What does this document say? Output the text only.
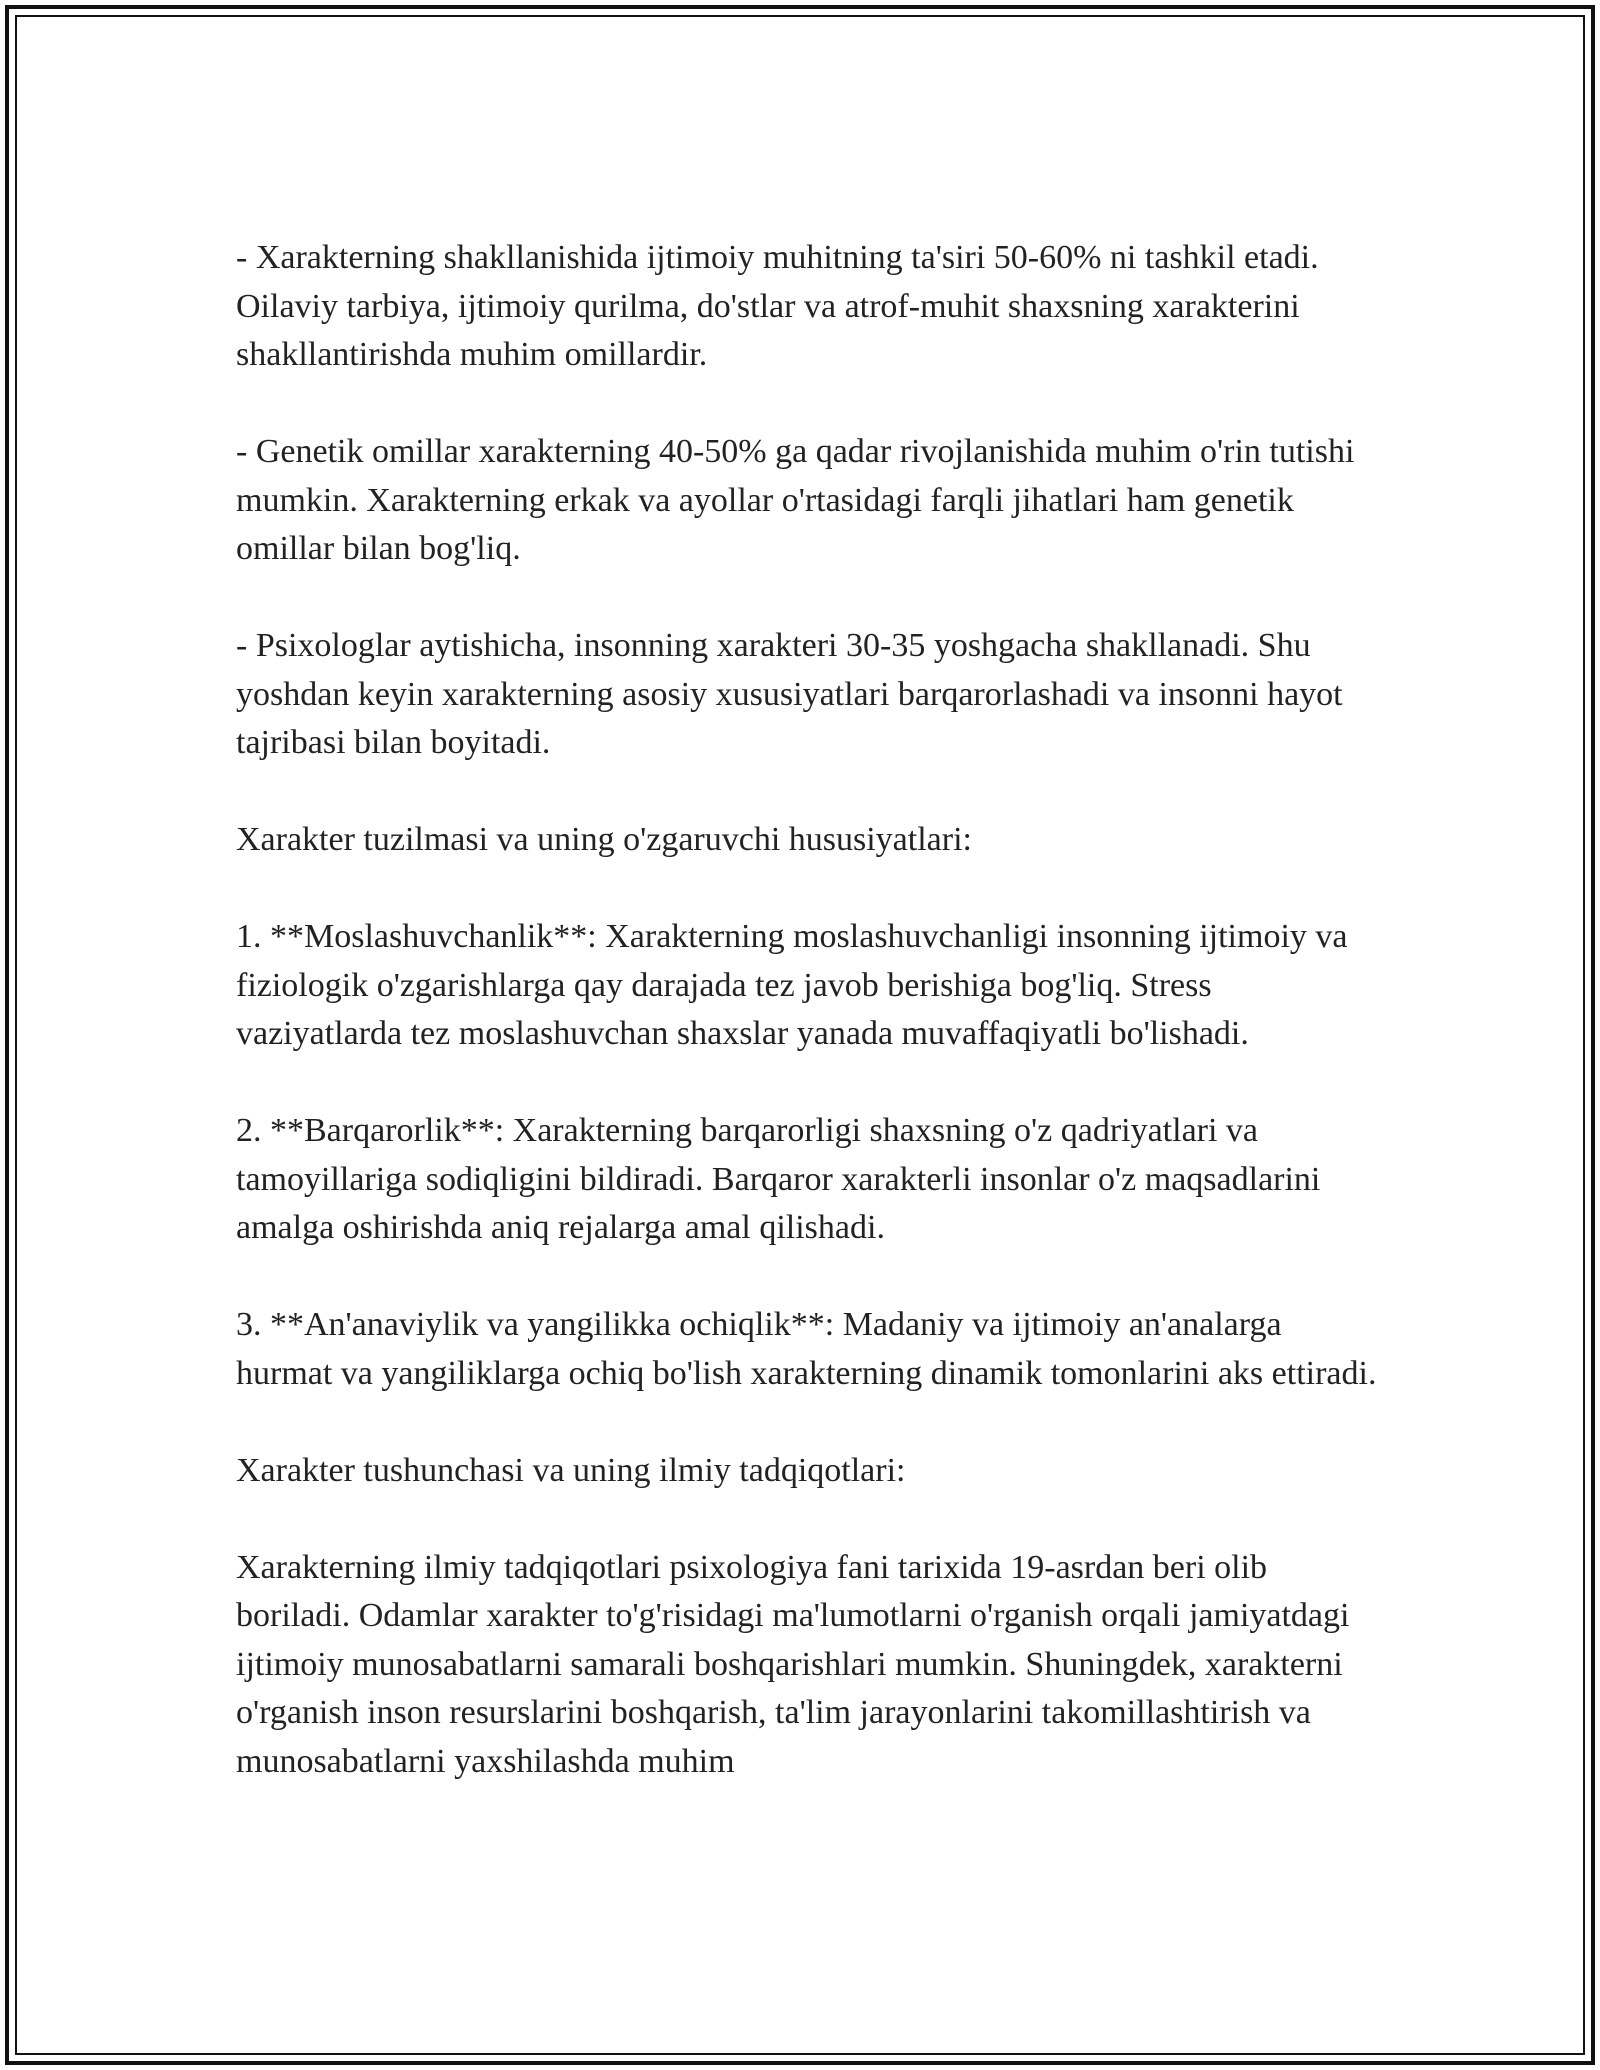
- Xarakterning shakllanishida ijtimoiy muhitning ta'siri 50-60% ni tashkil etadi. Oilaviy tarbiya, ijtimoiy qurilma, do'stlar va atrof-muhit shaxsning xarakterini shakllantirishda muhim omillardir.

- Genetik omillar xarakterning 40-50% ga qadar rivojlanishida muhim o'rin tutishi mumkin. Xarakterning erkak va ayollar o'rtasidagi farqli jihatlari ham genetik omillar bilan bog'liq.

- Psixologlar aytishicha, insonning xarakteri 30-35 yoshgacha shakllanadi. Shu yoshdan keyin xarakterning asosiy xususiyatlari barqarorlashadi va insonni hayot tajribasi bilan boyitadi.

Xarakter tuzilmasi va uning o'zgaruvchi hususiyatlari:

1. **Moslashuvchanlik**: Xarakterning moslashuvchanligi insonning ijtimoiy va fiziologik o'zgarishlarga qay darajada tez javob berishiga bog'liq. Stress vaziyatlarda tez moslashuvchan shaxslar yanada muvaffaqiyatli bo'lishadi.

2. **Barqarorlik**: Xarakterning barqarorligi shaxsning o'z qadriyatlari va tamoyillariga sodiqligini bildiradi. Barqaror xarakterli insonlar o'z maqsadlarini amalga oshirishda aniq rejalarga amal qilishadi.

3. **An'anaviylik va yangilikka ochiqlik**: Madaniy va ijtimoiy an'analarga hurmat va yangiliklarga ochiq bo'lish xarakterning dinamik tomonlarini aks ettiradi.

Xarakter tushunchasi va uning ilmiy tadqiqotlari:

Xarakterning ilmiy tadqiqotlari psixologiya fani tarixida 19-asrdan beri olib boriladi. Odamlar xarakter to'g'risidagi ma'lumotlarni o'rganish orqali jamiyatdagi ijtimoiy munosabatlarni samarali boshqarishlari mumkin. Shuningdek, xarakterni o'rganish inson resurslarini boshqarish, ta'lim jarayonlarini takomillashtirish va munosabatlarni yaxshilashda muhim
